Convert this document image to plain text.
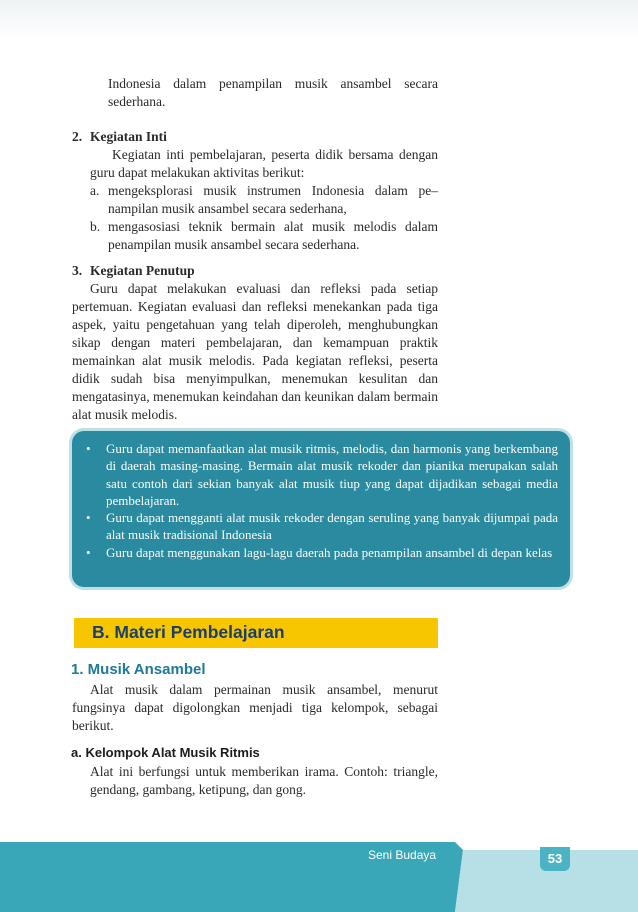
Indonesia dalam penampilan musik ansambel secara
sederhana.
2. Kegiatan Inti
Kegiatan inti pembelajaran, peserta didik bersama dengan guru dapat melakukan aktivitas berikut:
a. mengeksplorasi musik instrumen Indonesia dalam pe– nampilan musik ansambel secara sederhana,
b. mengasosiasi teknik bermain alat musik melodis dalam penampilan musik ansambel secara sederhana.
3. Kegiatan Penutup
Guru dapat melakukan evaluasi dan refleksi pada setiap pertemuan. Kegiatan evaluasi dan refleksi menekankan pada tiga aspek, yaitu pengetahuan yang telah diperoleh, menghubungkan sikap dengan materi pembelajaran, dan kemampuan praktik memainkan alat musik melodis. Pada kegiatan refleksi, peserta didik sudah bisa menyimpulkan, menemukan kesulitan dan mengatasinya, menemukan keindahan dan keunikan dalam bermain alat musik melodis.
•	Guru dapat memanfaatkan alat musik ritmis, melodis, dan harmonis yang berkembang di daerah masing-masing. Bermain alat musik rekoder dan pianika merupakan salah satu contoh dari sekian banyak alat musik tiup yang dapat dijadikan sebagai media pembelajaran.
•	Guru dapat mengganti alat musik rekoder dengan seruling yang banyak dijumpai pada alat musik tradisional Indonesia
•	Guru dapat menggunakan lagu-lagu daerah pada penampilan ansambel di depan kelas
B. Materi Pembelajaran
1. Musik Ansambel
Alat musik dalam permainan musik ansambel, menurut fungsinya dapat digolongkan menjadi tiga kelompok, sebagai berikut.
a. Kelompok Alat Musik Ritmis
Alat ini berfungsi untuk memberikan irama. Contoh: triangle, gendang, gambang, ketipung, dan gong.
Seni Budaya	53
